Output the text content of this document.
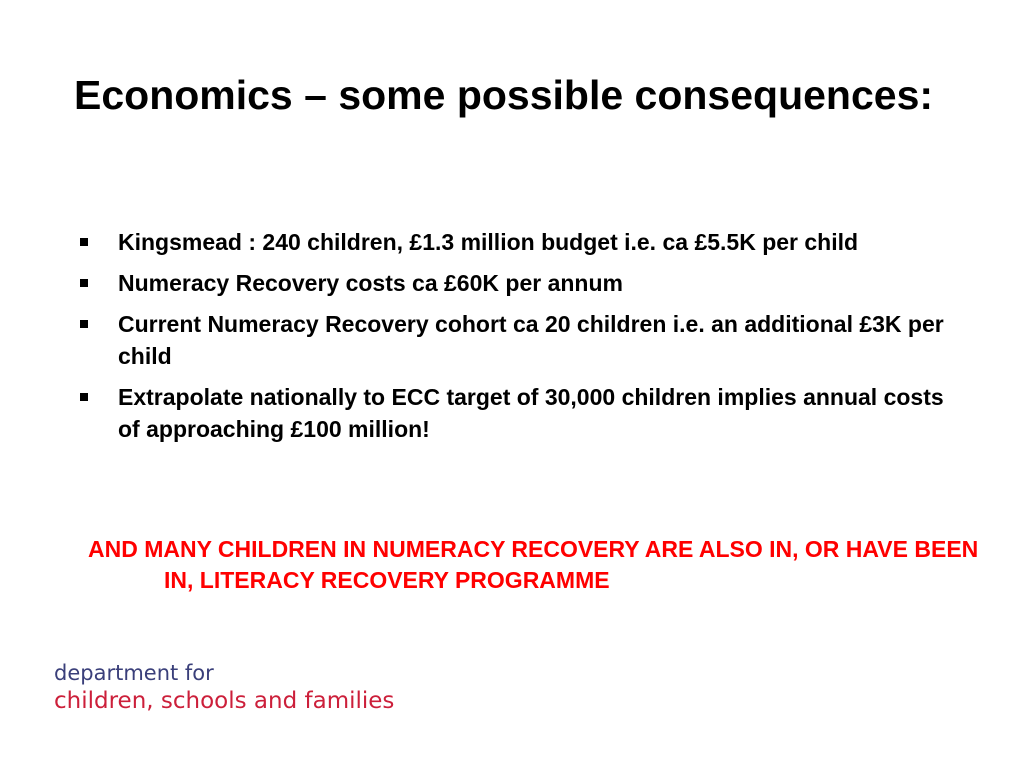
Economics – some possible consequences:
Kingsmead : 240 children, £1.3 million budget i.e. ca £5.5K per child
Numeracy Recovery costs ca £60K per annum
Current Numeracy Recovery cohort ca 20 children i.e. an additional £3K per child
Extrapolate nationally to ECC target of 30,000 children implies annual costs of approaching £100 million!

AND MANY CHILDREN IN NUMERACY RECOVERY ARE ALSO IN, OR HAVE BEEN IN, LITERACY RECOVERY PROGRAMME

department for
children, schools and families
